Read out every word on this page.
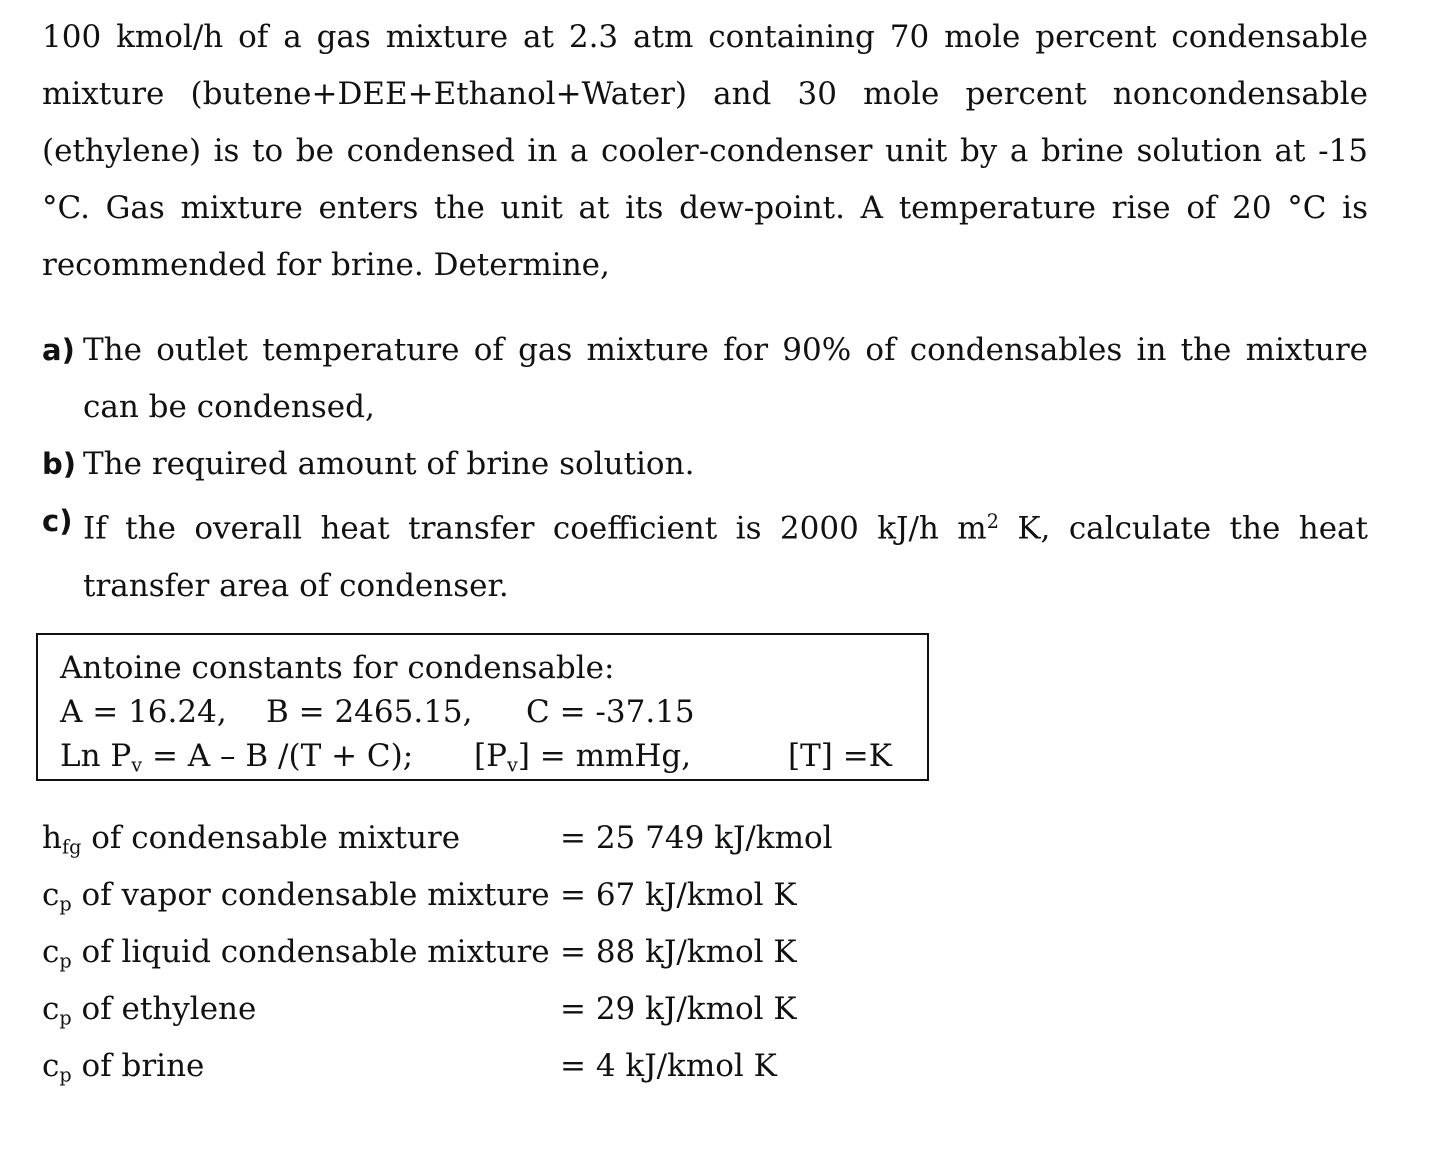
100 kmol/h of a gas mixture at 2.3 atm containing 70 mole percent condensable mixture (butene+DEE+Ethanol+Water) and 30 mole percent noncondensable (ethylene) is to be condensed in a cooler-condenser unit by a brine solution at -15 °C. Gas mixture enters the unit at its dew-point. A temperature rise of 20 °C is recommended for brine. Determine,

a) The outlet temperature of gas mixture for 90% of condensables in the mixture can be condensed,
b) The required amount of brine solution.
c) If the overall heat transfer coefficient is 2000 kJ/h $m^2$ K, calculate the heat transfer area of condenser.
Antoine constants for condensable:
A = 16.24, B = 2465.15, C = -37.15
Ln $P_v = A - B$ /(T + C); $[P_v]$ = mmHg,	[T] =K
$h_{fg}$ of condensable mixture	= 25 749 kJ/kmol
$c_p$ of vapor condensable mixture = 67 kJ/kmol K
$c_p$ of liquid condensable mixture = 88 kJ/kmol K
$c_p$ of ethylene	= 29 kJ/kmol K
$c_p$ of brine	= 4 kJ/kmol K
